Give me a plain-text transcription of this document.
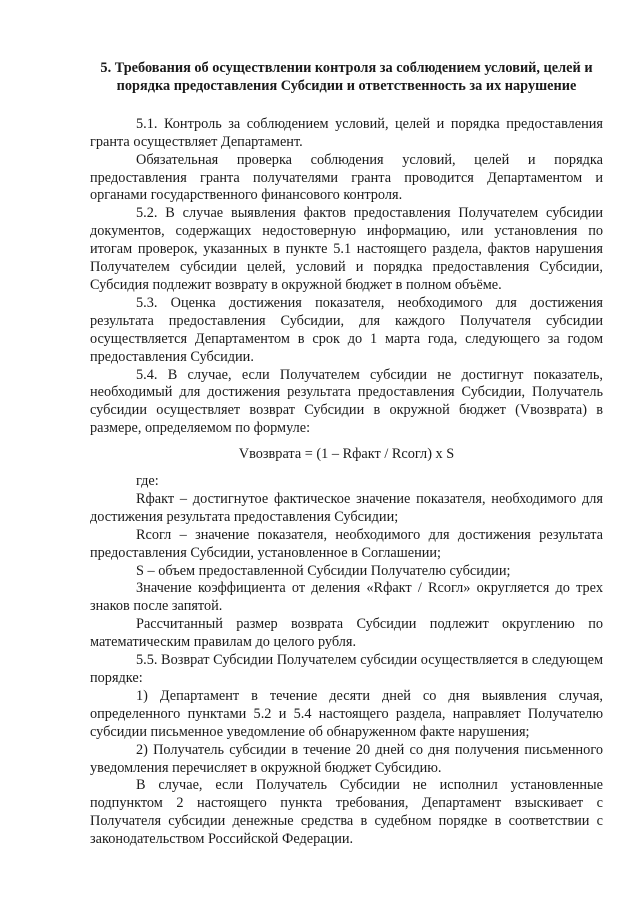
5. Требования об осуществлении контроля за соблюдением условий, целей и порядка предоставления Субсидии и ответственность за их нарушение

5.1. Контроль за соблюдением условий, целей и порядка предоставления гранта осуществляет Департамент.

Обязательная проверка соблюдения условий, целей и порядка предоставления гранта получателями гранта проводится Департаментом и органами государственного финансового контроля.

5.2. В случае выявления фактов предоставления Получателем субсидии документов, содержащих недостоверную информацию, или установления по итогам проверок, указанных в пункте 5.1 настоящего раздела, фактов нарушения Получателем субсидии целей, условий и порядка предоставления Субсидии, Субсидия подлежит возврату в окружной бюджет в полном объёме.

5.3. Оценка достижения показателя, необходимого для достижения результата предоставления Субсидии, для каждого Получателя субсидии осуществляется Департаментом в срок до 1 марта года, следующего за годом предоставления Субсидии.

5.4. В случае, если Получателем субсидии не достигнут показатель, необходимый для достижения результата предоставления Субсидии, Получатель субсидии осуществляет возврат Субсидии в окружной бюджет (Vвозврата) в размере, определяемом по формуле:

Vвозврата = (1 – Rфакт / Rсогл) x S

где:

Rфакт – достигнутое фактическое значение показателя, необходимого для достижения результата предоставления Субсидии;

Rсогл – значение показателя, необходимого для достижения результата предоставления Субсидии, установленное в Соглашении;

S – объем предоставленной Субсидии Получателю субсидии;

Значение коэффициента от деления «Rфакт / Rсогл» округляется до трех знаков после запятой.

Рассчитанный размер возврата Субсидии подлежит округлению по математическим правилам до целого рубля.

5.5. Возврат Субсидии Получателем субсидии осуществляется в следующем порядке:

1) Департамент в течение десяти дней со дня выявления случая, определенного пунктами 5.2 и 5.4 настоящего раздела, направляет Получателю субсидии письменное уведомление об обнаруженном факте нарушения;

2) Получатель субсидии в течение 20 дней со дня получения письменного уведомления перечисляет в окружной бюджет Субсидию.

В случае, если Получатель Субсидии не исполнил установленные подпунктом 2 настоящего пункта требования, Департамент взыскивает с Получателя субсидии денежные средства в судебном порядке в соответствии с законодательством Российской Федерации.
